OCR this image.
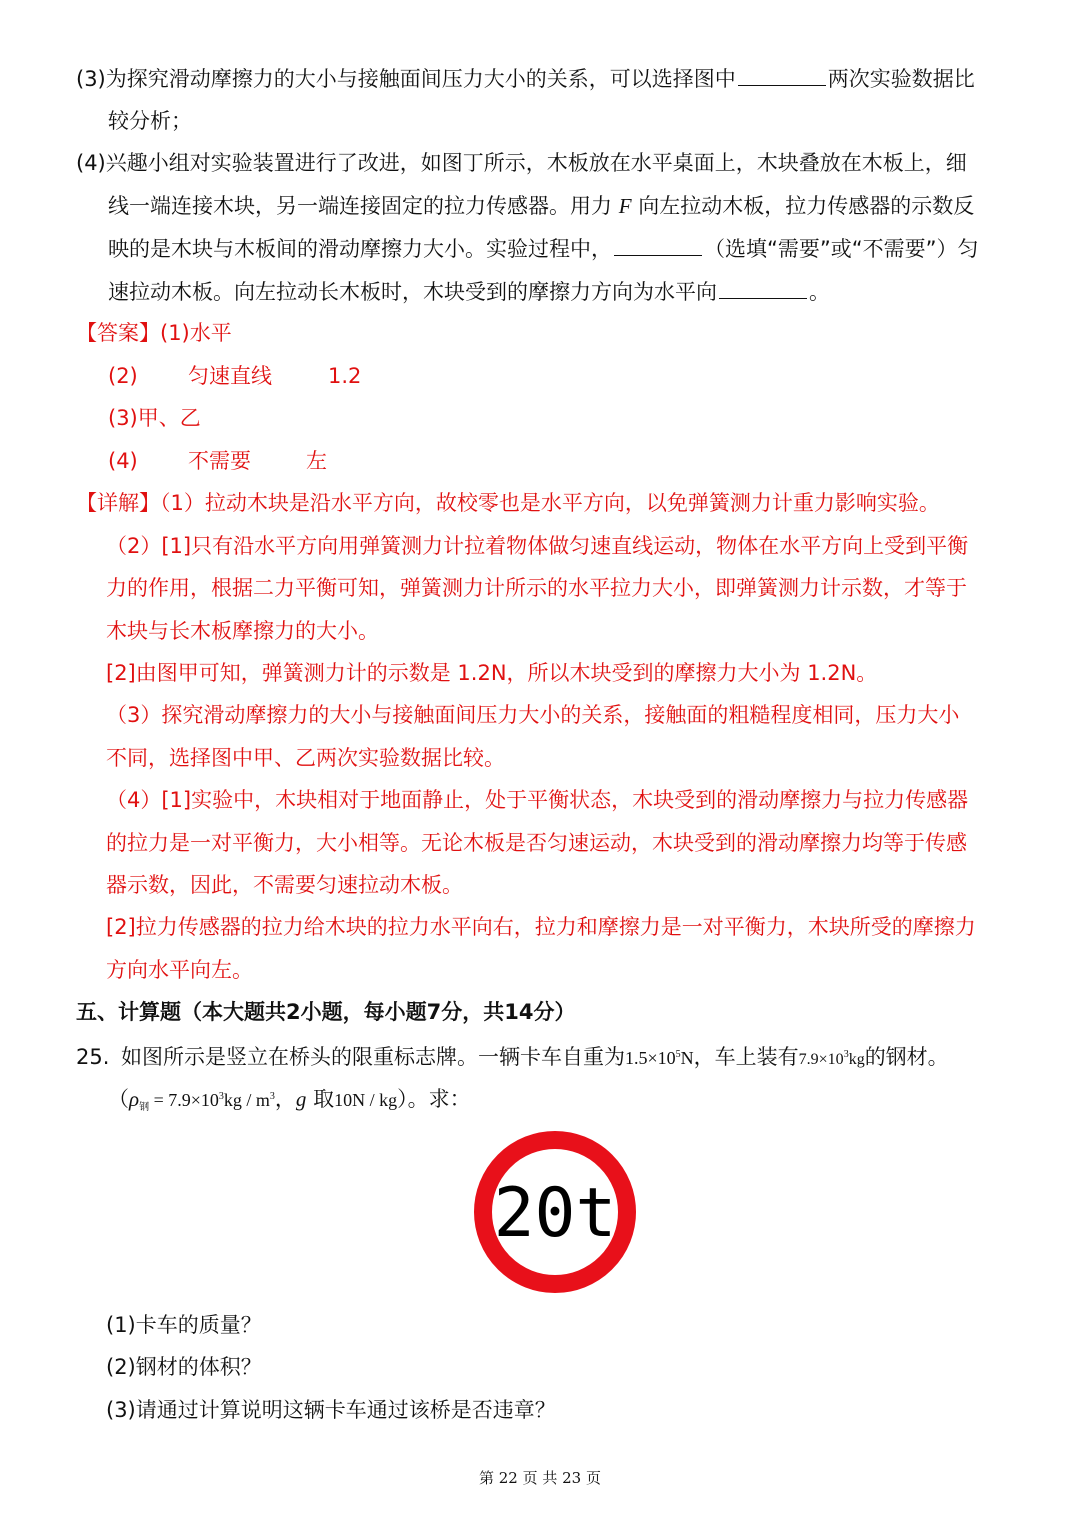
(3)为探究滑动摩擦力的大小与接触面间压力大小的关系，可以选择图中	两次实验数据比
较分析；
(4)兴趣小组对实验装置进行了改进，如图丁所示，木板放在水平桌面上，木块叠放在木板上，细
线一端连接木块，另一端连接固定的拉力传感器。用力 F 向左拉动木板，拉力传感器的示数反
映的是木块与木板间的滑动摩擦力大小。实验过程中，	（选填“需要”或“不需要”）匀
速拉动木板。向左拉动长木板时，木块受到的摩擦力方向为水平向	。
【答案】(1)水平
(2) 匀速直线	1.2
(3)甲、乙
(4) 不需要	左
【详解】（1）拉动木块是沿水平方向，故校零也是水平方向，以免弹簧测力计重力影响实验。
（2）[1]只有沿水平方向用弹簧测力计拉着物体做匀速直线运动，物体在水平方向上受到平衡
力的作用，根据二力平衡可知，弹簧测力计所示的水平拉力大小，即弹簧测力计示数，才等于
木块与长木板摩擦力的大小。
[2]由图甲可知，弹簧测力计的示数是 1.2N，所以木块受到的摩擦力大小为 1.2N。
（3）探究滑动摩擦力的大小与接触面间压力大小的关系，接触面的粗糙程度相同，压力大小
不同，选择图中甲、乙两次实验数据比较。
（4）[1]实验中，木块相对于地面静止，处于平衡状态，木块受到的滑动摩擦力与拉力传感器
的拉力是一对平衡力，大小相等。无论木板是否匀速运动，木块受到的滑动摩擦力均等于传感
器示数，因此，不需要匀速拉动木板。
[2]拉力传感器的拉力给木块的拉力水平向右，拉力和摩擦力是一对平衡力，木块所受的摩擦力
方向水平向左。
五、计算题（本大题共2小题，每小题7分，共14分）
25. 如图所示是竖立在桥头的限重标志牌。一辆卡车自重为$1.5\times 10^5N$，车上装有$7.9\times 10^3kg$的钢材。
（$\rho_钢 = 7.9\times 10^3kg / m^3$，g 取10N / kg）。求：
20t
(1)卡车的质量？
(2)钢材的体积？
(3)请通过计算说明这辆卡车通过该桥是否违章？
第 22 页 共 23 页
